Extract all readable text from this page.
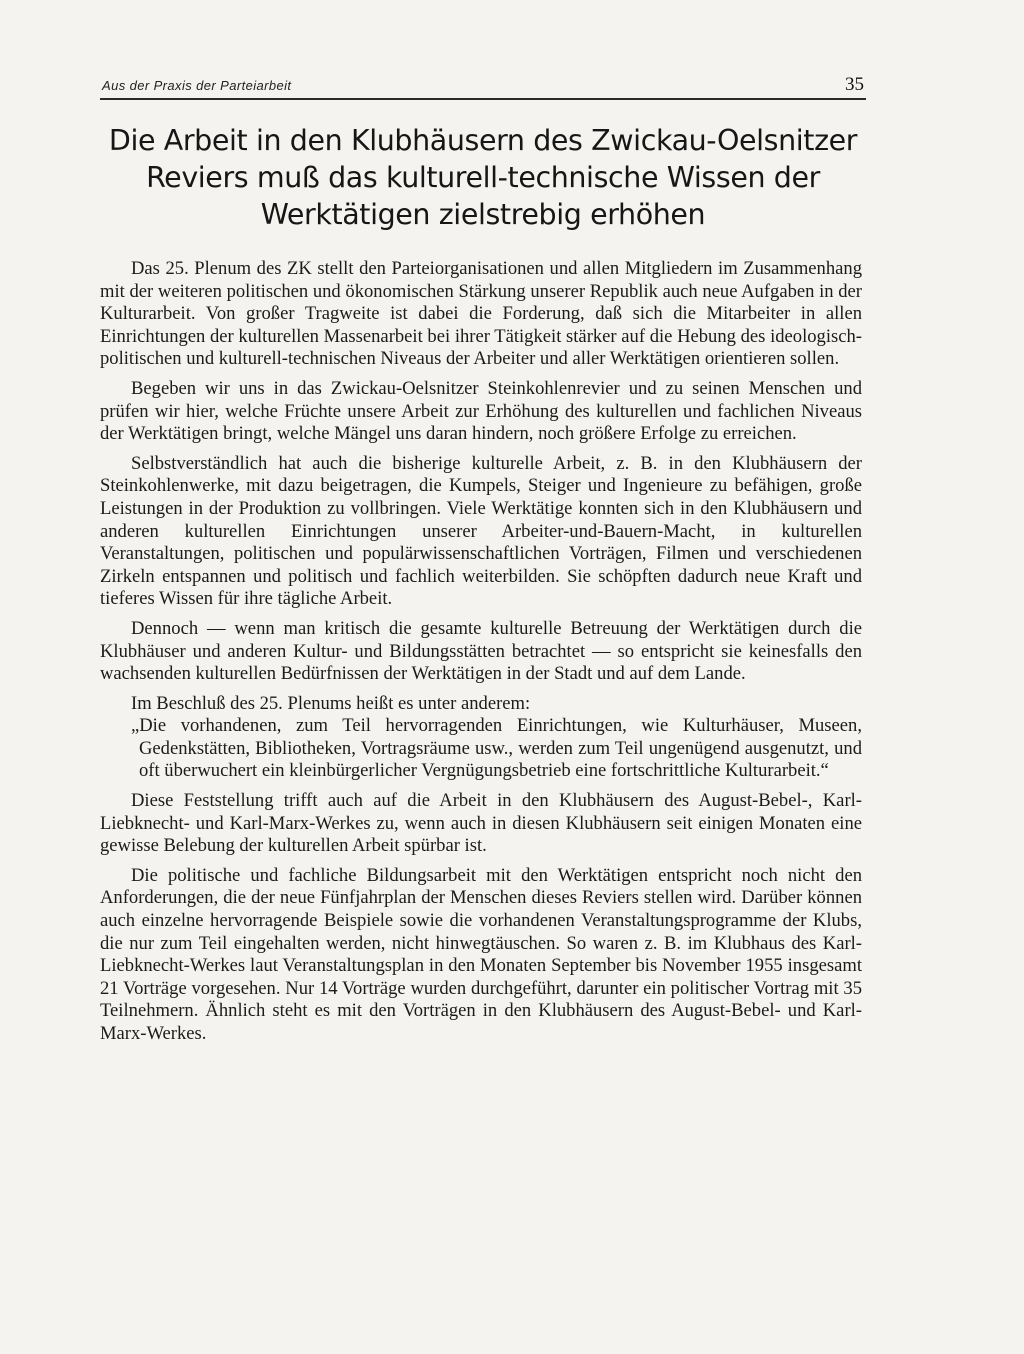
Aus der Praxis der Parteiarbeit	35
Die Arbeit in den Klubhäusern des Zwickau-Oelsnitzer
Reviers muß das kulturell-technische Wissen der
Werktätigen zielstrebig erhöhen

Das 25. Plenum des ZK stellt den Parteiorganisationen und allen Mitgliedern im Zusammenhang mit der weiteren politischen und ökonomischen Stärkung unserer Republik auch neue Aufgaben in der Kulturarbeit. Von großer Tragweite ist dabei die Forderung, daß sich die Mitarbeiter in allen Einrichtungen der kulturellen Massenarbeit bei ihrer Tätigkeit stärker auf die Hebung des ideologisch-politischen und kulturell-technischen Niveaus der Arbeiter und aller Werktätigen orientieren sollen.

Begeben wir uns in das Zwickau-Oelsnitzer Steinkohlenrevier und zu seinen Menschen und prüfen wir hier, welche Früchte unsere Arbeit zur Erhöhung des kulturellen und fachlichen Niveaus der Werktätigen bringt, welche Mängel uns daran hindern, noch größere Erfolge zu erreichen.

Selbstverständlich hat auch die bisherige kulturelle Arbeit, z. B. in den Klubhäusern der Steinkohlenwerke, mit dazu beigetragen, die Kumpels, Steiger und Ingenieure zu befähigen, große Leistungen in der Produktion zu vollbringen. Viele Werktätige konnten sich in den Klubhäusern und anderen kulturellen Einrichtungen unserer Arbeiter-und-Bauern-Macht, in kulturellen Veranstaltungen, politischen und populärwissenschaftlichen Vorträgen, Filmen und verschiedenen Zirkeln entspannen und politisch und fachlich weiterbilden. Sie schöpften dadurch neue Kraft und tieferes Wissen für ihre tägliche Arbeit.

Dennoch — wenn man kritisch die gesamte kulturelle Betreuung der Werktätigen durch die Klubhäuser und anderen Kultur- und Bildungsstätten betrachtet — so entspricht sie keinesfalls den wachsenden kulturellen Bedürfnissen der Werktätigen in der Stadt und auf dem Lande.

Im Beschluß des 25. Plenums heißt es unter anderem:

„Die vorhandenen, zum Teil hervorragenden Einrichtungen, wie Kulturhäuser, Museen, Gedenkstätten, Bibliotheken, Vortragsräume usw., werden zum Teil ungenügend ausgenutzt, und oft überwuchert ein kleinbürgerlicher Vergnügungsbetrieb eine fortschrittliche Kulturarbeit.“

Diese Feststellung trifft auch auf die Arbeit in den Klubhäusern des August-Bebel-, Karl-Liebknecht- und Karl-Marx-Werkes zu, wenn auch in diesen Klubhäusern seit einigen Monaten eine gewisse Belebung der kulturellen Arbeit spürbar ist.

Die politische und fachliche Bildungsarbeit mit den Werktätigen entspricht noch nicht den Anforderungen, die der neue Fünfjahrplan der Menschen dieses Reviers stellen wird. Darüber können auch einzelne hervorragende Beispiele sowie die vorhandenen Veranstaltungsprogramme der Klubs, die nur zum Teil eingehalten werden, nicht hinwegtäuschen. So waren z. B. im Klubhaus des Karl-Liebknecht-Werkes laut Veranstaltungsplan in den Monaten September bis November 1955 insgesamt 21 Vorträge vorgesehen. Nur 14 Vorträge wurden durchgeführt, darunter ein politischer Vortrag mit 35 Teilnehmern. Ähnlich steht es mit den Vorträgen in den Klubhäusern des August-Bebel- und Karl-Marx-Werkes.
